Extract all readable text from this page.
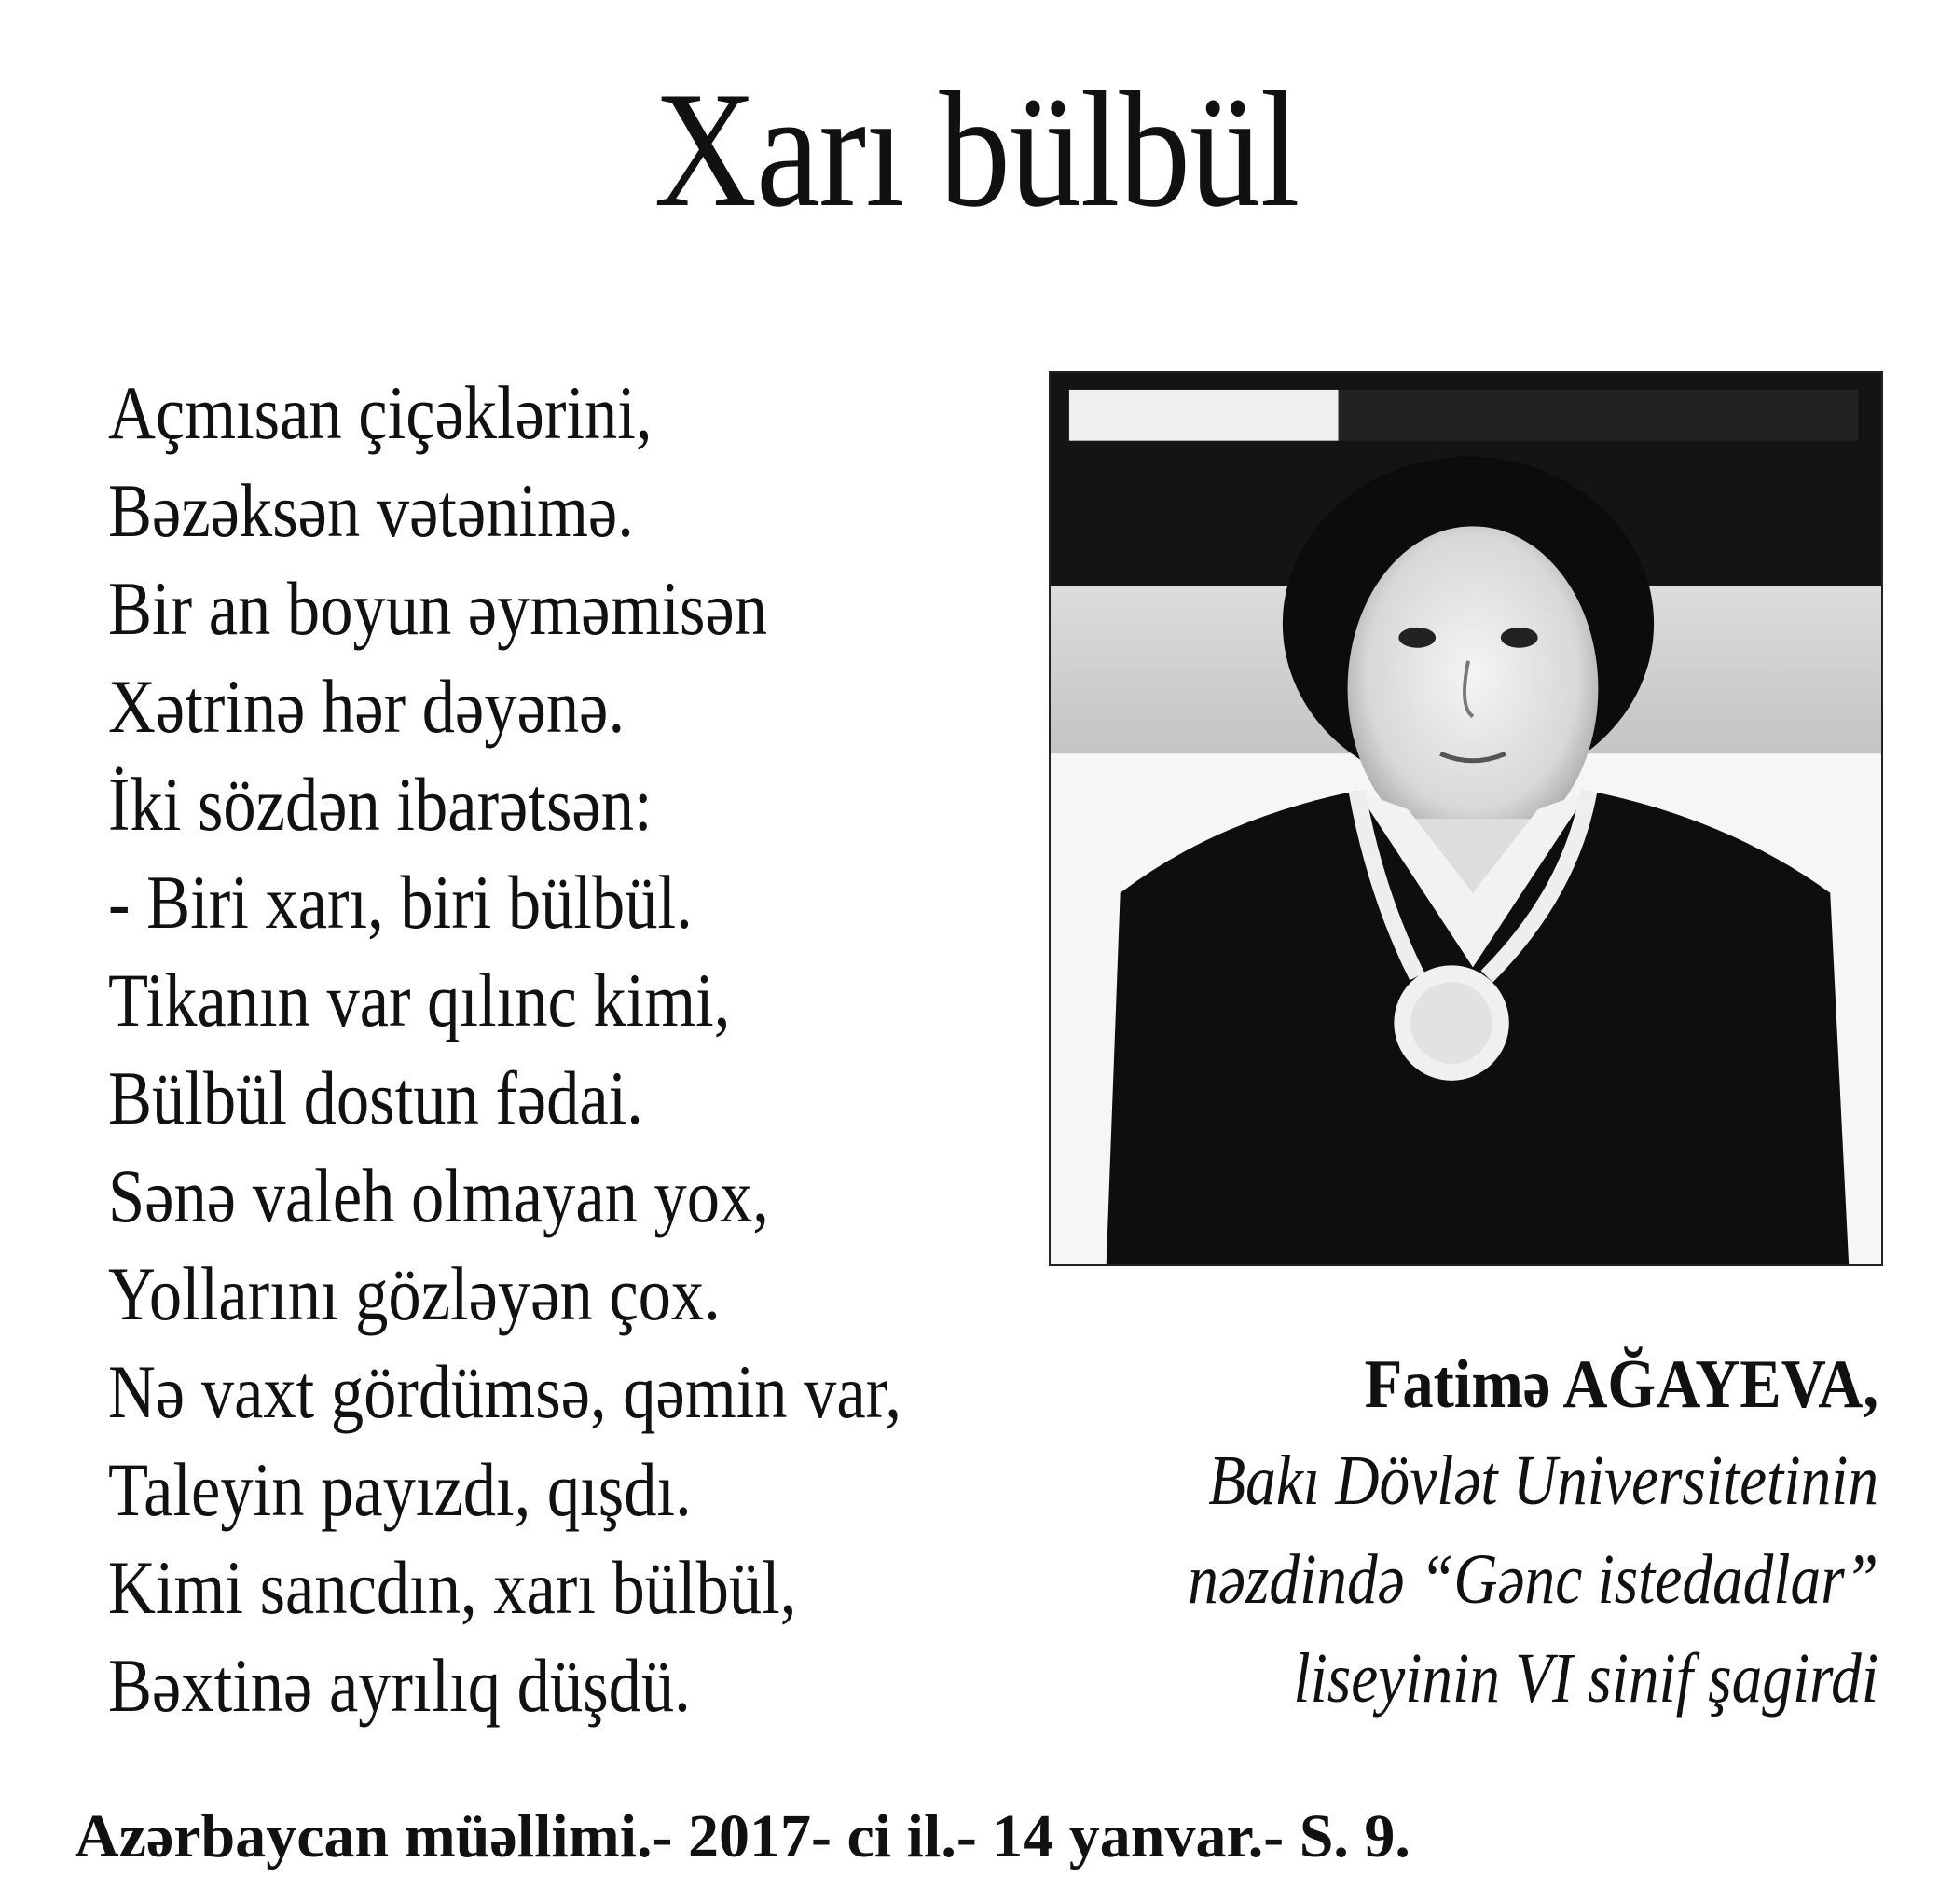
Xarı bülbül
Açmısan çiçəklərini,
Bəzəksən vətənimə.
Bir an boyun əyməmisən
Xətrinə hər dəyənə.
İki sözdən ibarətsən:
- Biri xarı, biri bülbül.
Tikanın var qılınc kimi,
Bülbül dostun fədai.
Sənə valeh olmayan yox,
Yollarını gözləyən çox.
Nə vaxt gördümsə, qəmin var,
Taleyin payızdı, qışdı.
Kimi sancdın, xarı bülbül,
Bəxtinə ayrılıq düşdü.
Fatimə AĞAYEVA,
Bakı Dövlət Universitetinin
nəzdində “Gənc istedadlar”
liseyinin VI sinif şagirdi
Azərbaycan müəllimi.- 2017- ci il.- 14 yanvar.- S. 9.
